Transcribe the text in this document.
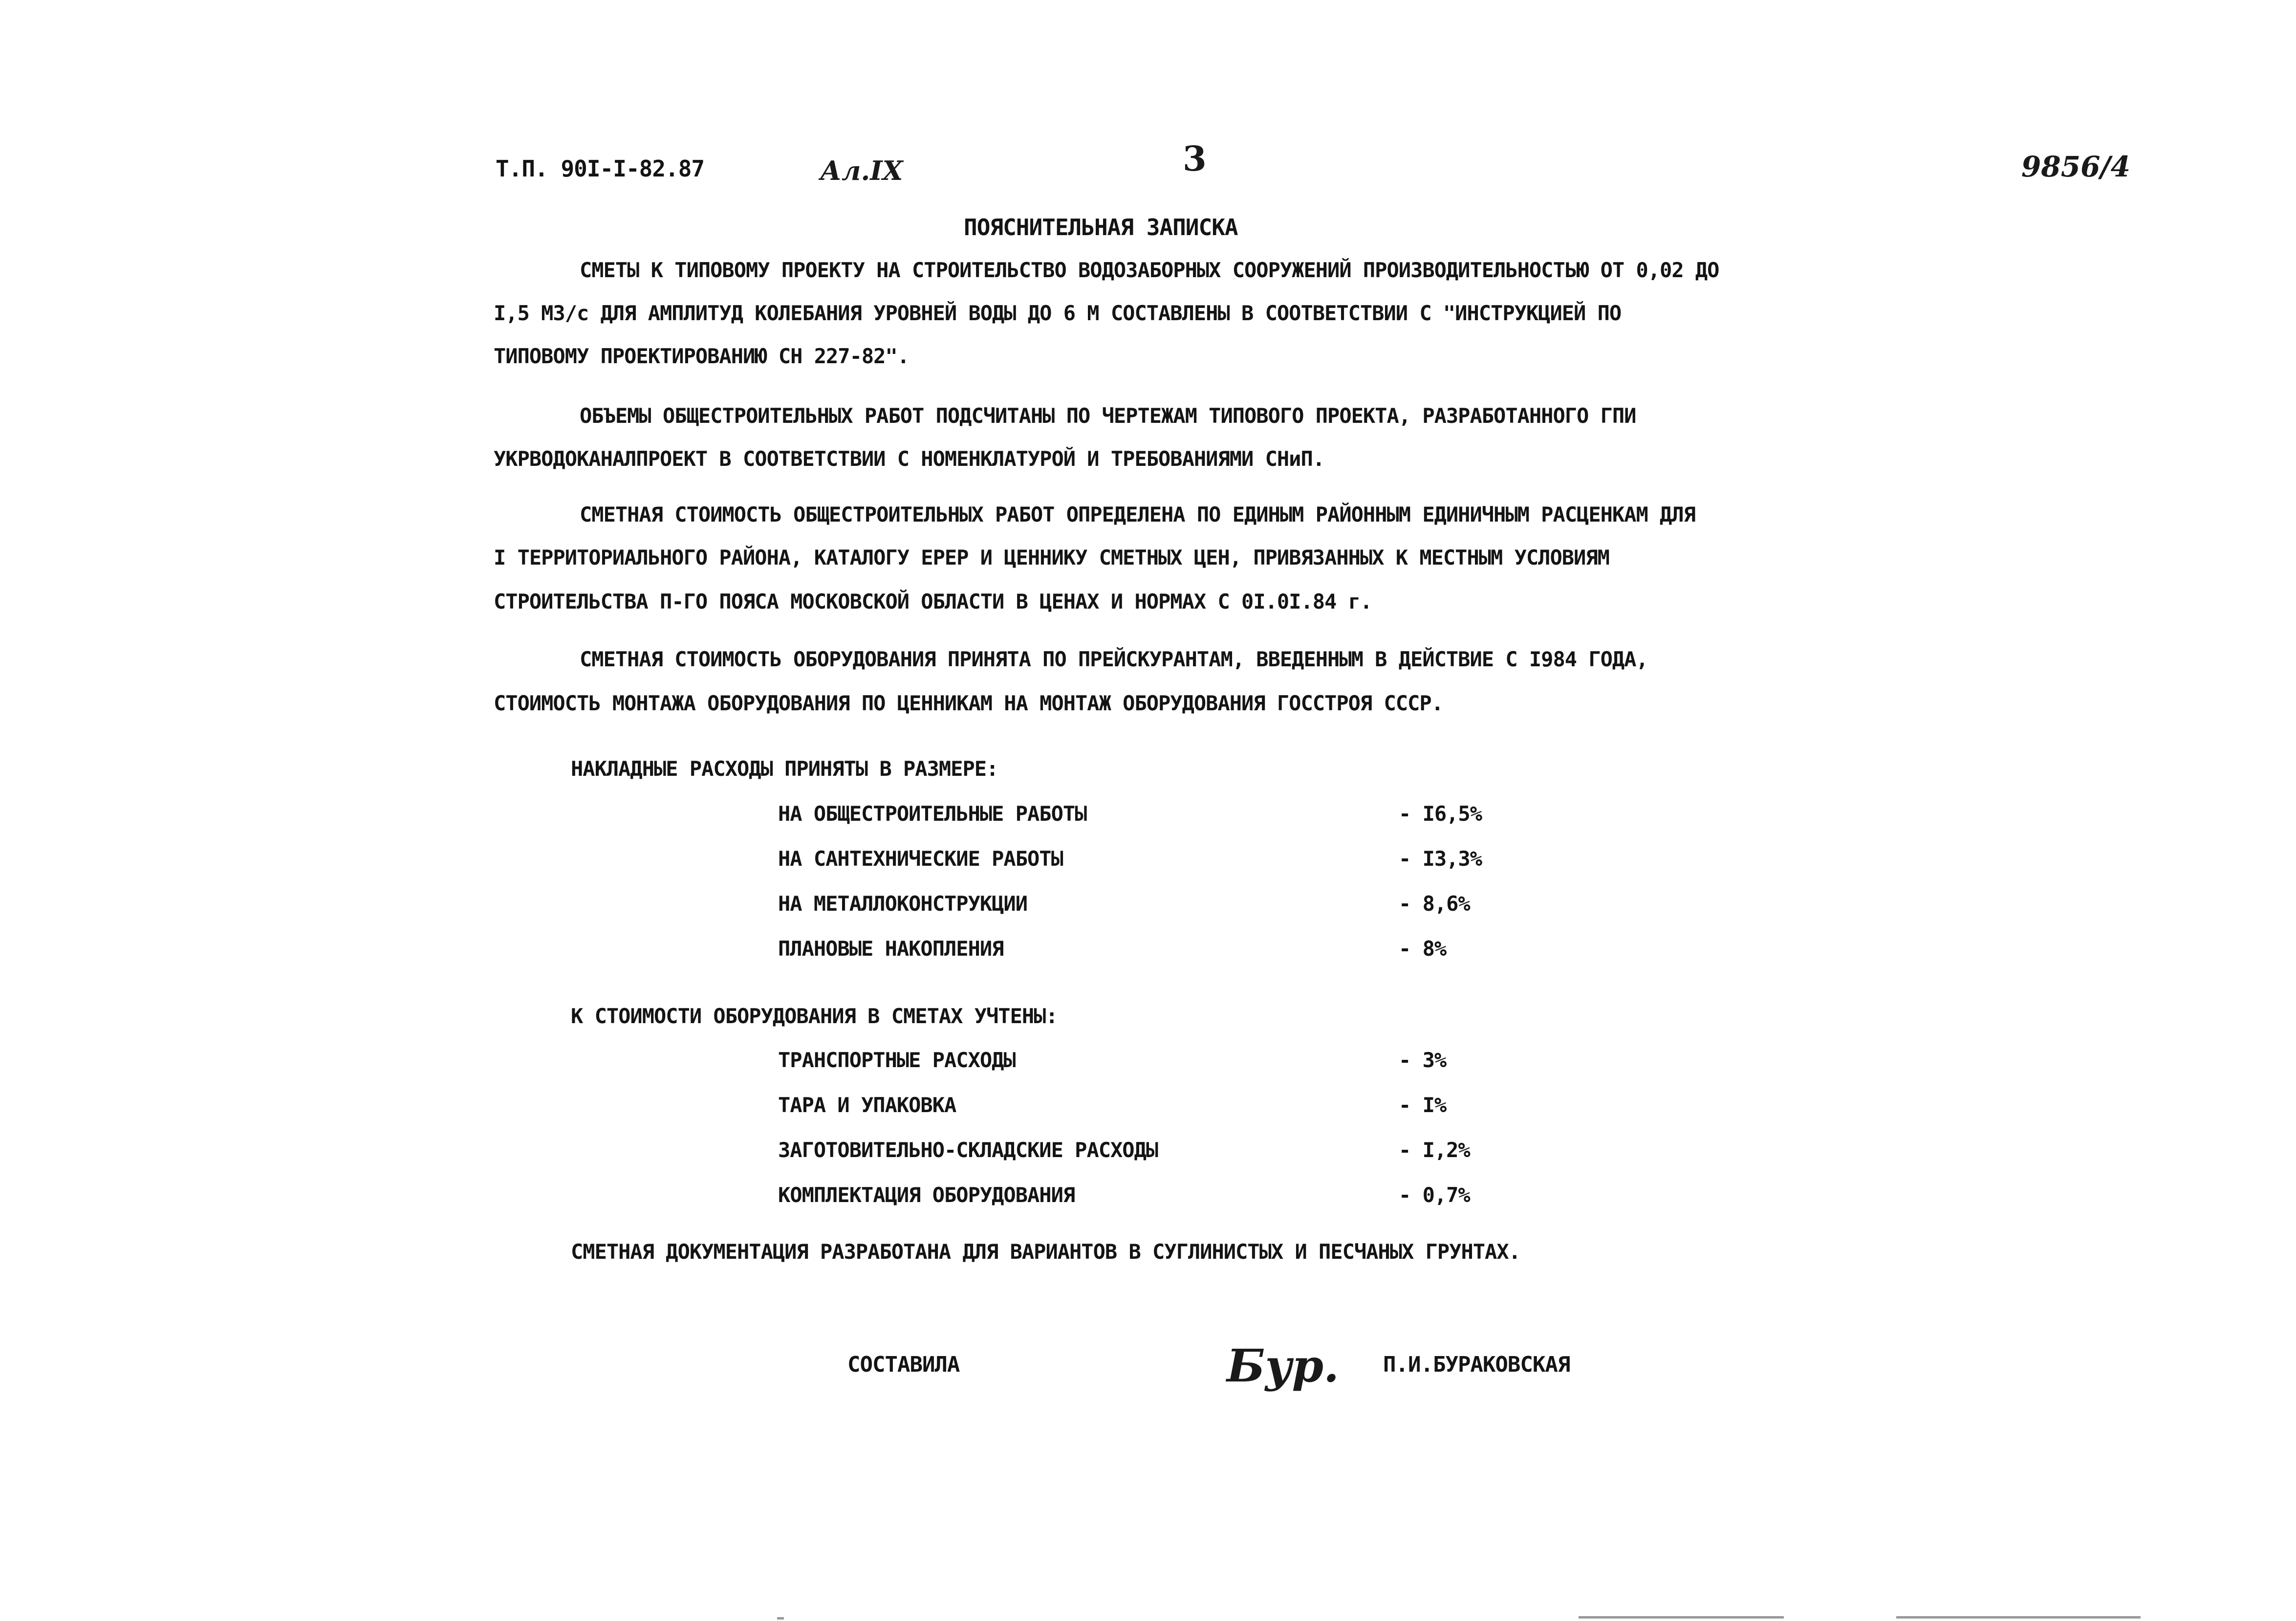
Т.П. 90I-I-82.87	Ал.IX	3	9856/4
ПОЯСНИТЕЛЬНАЯ ЗАПИСКА
СМЕТЫ К ТИПОВОМУ ПРОЕКТУ НА СТРОИТЕЛЬСТВО ВОДОЗАБОРНЫХ СООРУЖЕНИЙ ПРОИЗВОДИТЕЛЬНОСТЬЮ ОТ 0,02 ДО
I,5 МЗ/с ДЛЯ АМПЛИТУД КОЛЕБАНИЯ УРОВНЕЙ ВОДЫ ДО 6 М СОСТАВЛЕНЫ В СООТВЕТСТВИИ С "ИНСТРУКЦИЕЙ ПО
ТИПОВОМУ ПРОЕКТИРОВАНИЮ СН 227-82".
ОБЪЕМЫ ОБЩЕСТРОИТЕЛЬНЫХ РАБОТ ПОДСЧИТАНЫ ПО ЧЕРТЕЖАМ ТИПОВОГО ПРОЕКТА, РАЗРАБОТАННОГО ГПИ
УКРВОДОКАНАЛПРОЕКТ В СООТВЕТСТВИИ С НОМЕНКЛАТУРОЙ И ТРЕБОВАНИЯМИ СНиП.
СМЕТНАЯ СТОИМОСТЬ ОБЩЕСТРОИТЕЛЬНЫХ РАБОТ ОПРЕДЕЛЕНА ПО ЕДИНЫМ РАЙОННЫМ ЕДИНИЧНЫМ РАСЦЕНКАМ ДЛЯ
I ТЕРРИТОРИАЛЬНОГО РАЙОНА, КАТАЛОГУ ЕРЕР И ЦЕННИКУ СМЕТНЫХ ЦЕН, ПРИВЯЗАННЫХ К МЕСТНЫМ УСЛОВИЯМ
СТРОИТЕЛЬСТВА П-ГО ПОЯСА МОСКОВСКОЙ ОБЛАСТИ В ЦЕНАХ И НОРМАХ С 0I.0I.84 г.
СМЕТНАЯ СТОИМОСТЬ ОБОРУДОВАНИЯ ПРИНЯТА ПО ПРЕЙСКУРАНТАМ, ВВЕДЕННЫМ В ДЕЙСТВИЕ С I984 ГОДА,
СТОИМОСТЬ МОНТАЖА ОБОРУДОВАНИЯ ПО ЦЕННИКАМ НА МОНТАЖ ОБОРУДОВАНИЯ ГОССТРОЯ СССР.
НАКЛАДНЫЕ РАСХОДЫ ПРИНЯТЫ В РАЗМЕРЕ:
НА ОБЩЕСТРОИТЕЛЬНЫЕ РАБОТЫ	- I6,5%
НА САНТЕХНИЧЕСКИЕ РАБОТЫ	- I3,3%
НА МЕТАЛЛОКОНСТРУКЦИИ	- 8,6%
ПЛАНОВЫЕ НАКОПЛЕНИЯ	- 8%
К СТОИМОСТИ ОБОРУДОВАНИЯ В СМЕТАХ УЧТЕНЫ:
ТРАНСПОРТНЫЕ РАСХОДЫ	- 3%
ТАРА И УПАКОВКА	- I%
ЗАГОТОВИТЕЛЬНО-СКЛАДСКИЕ РАСХОДЫ	- I,2%
КОМПЛЕКТАЦИЯ ОБОРУДОВАНИЯ	- 0,7%
СМЕТНАЯ ДОКУМЕНТАЦИЯ РАЗРАБОТАНА ДЛЯ ВАРИАНТОВ В СУГЛИНИСТЫХ И ПЕСЧАНЫХ ГРУНТАХ.
СОСТАВИЛА	Бур. П.И.БУРАКОВСКАЯ
